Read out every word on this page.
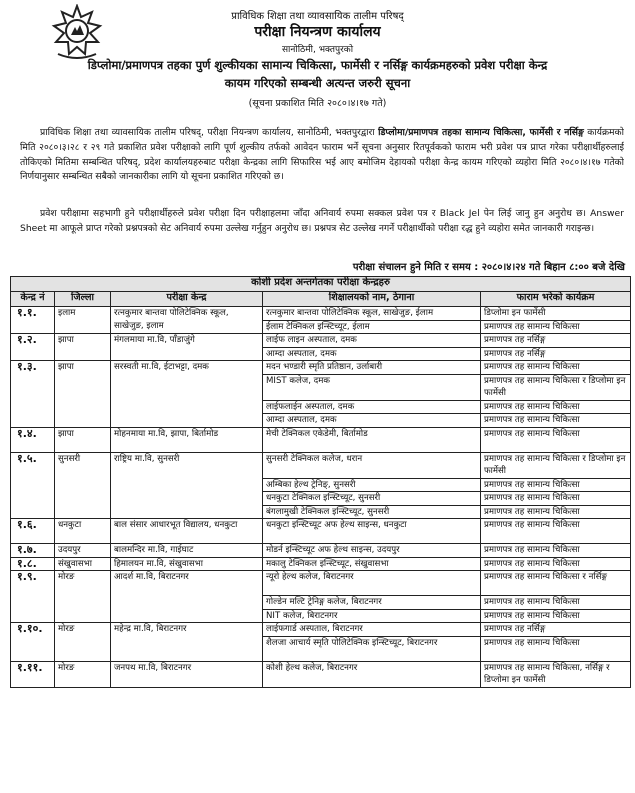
प्राविधिक शिक्षा तथा व्यावसायिक तालीम परिषद्
परीक्षा नियन्त्रण कार्यालय
सानोठिमी, भक्तपुरको
डिप्लोमा/प्रमाणपत्र तहका पुर्ण शुल्कीयका सामान्य चिकित्सा, फार्मेसी र नर्सिङ्ग कार्यक्रमहरुको प्रवेश परीक्षा केन्द्र
कायम गरिएको सम्बन्धी अत्यन्त जरुरी सूचना
(सूचना प्रकाशित मिति २०८०।४।१७ गते)
प्राविधिक शिक्षा तथा व्यावसायिक तालीम परिषद्, परीक्षा नियन्त्रण कार्यालय, सानोठिमी, भक्तपुरद्वारा डिप्लोमा/प्रमाणपत्र तहका सामान्य चिकित्सा, फार्मेसी र नर्सिङ्ग कार्यक्रमको मिति २०८०।३।२८ र २९ गते प्रकाशित प्रवेश परीक्षाको लागि पूर्ण शुल्कीय तर्फको आवेदन फाराम भर्ने सूचना अनुसार रितपूर्वकको फाराम भरी प्रवेश पत्र प्राप्त गरेका परीक्षार्थीहरुलाई तोकिएको मितिमा सम्बन्धित परिषद्, प्रदेश कार्यालयहरुबाट परीक्षा केन्द्रका लागि सिफारिस भई आए बमोजिम देहायको परीक्षा केन्द्र कायम गरिएको व्यहोरा मिति २०८०।४।१७ गतेको निर्णयानुसार सम्बन्धित सबैको जानकारीका लागि यो सूचना प्रकाशित गरिएको छ।
प्रवेश परीक्षामा सहभागी हुने परीक्षार्थीहरुले प्रवेश परीक्षा दिन परीक्षाहलमा जाँदा अनिवार्य रुपमा सक्कल प्रवेश पत्र र Black Jel पेन लिई जानु हुन अनुरोध छ। Answer Sheet मा आफूले प्राप्त गरेको प्रश्नपत्रको सेट अनिवार्य रुपमा उल्लेख गर्नुहुन अनुरोध छ। प्रश्नपत्र सेट उल्लेख नगर्ने परीक्षार्थीको परीक्षा रद्ध हुने व्यहोरा समेत जानकारी गराइन्छ।
परीक्षा संचालन हुने मिति र समय : २०८०।४।२४ गते बिहान ८:०० बजे देखि
कोशी प्रदेश अन्तर्गतका परीक्षा केन्द्रहरु				
केन्द्र नं	जिल्ला	परीक्षा केन्द्र	शिक्षालयको नाम, ठेगाना	फाराम भरेको कार्यक्रम
१.१.	इलाम	रत्नकुमार बान्तवा पोलिटेक्निक स्कूल, साखेजुङ, इलाम	रत्नकुमार बान्तवा पोलिटेक्निक स्कूल, साखेजुङ, ईलाम	डिप्लोमा इन फार्मेसी
			ईलाम टेक्निकल इन्स्टिच्यूट, ईलाम	प्रमाणपत्र तह सामान्य चिकित्सा
१.२.	झापा	मंगलमाया मा.वि, पाँडाजुंगे	लाईफ लाइन अस्पताल, दमक	प्रमाणपत्र तह नर्सिङ्ग
			आम्दा अस्पताल, दमक	प्रमाणपत्र तह नर्सिङ्ग
१.३.	झापा	सरस्वती मा.वि, ईटाभट्टा, दमक	मदन भण्डारी स्मृति प्रतिष्ठान, उर्लाबारी	प्रमाणपत्र तह सामान्य चिकित्सा
			MIST कलेज, दमक	प्रमाणपत्र तह सामान्य चिकित्सा र डिप्लोमा इन फार्मेसी
			लाईफलाईन अस्पताल, दमक	प्रमाणपत्र तह सामान्य चिकित्सा
			आम्दा अस्पताल, दमक	प्रमाणपत्र तह सामान्य चिकित्सा
१.४.	झापा	मोहनमाया मा.वि, झापा, बिर्तामोड	मेची टेक्निकल एकेडेमी, बिर्तामोड	प्रमाणपत्र तह सामान्य चिकित्सा
१.५.	सुनसरी	राष्ट्रिय मा.वि, सुनसरी	सुनसरी टेक्निकल कलेज, धरान	प्रमाणपत्र तह सामान्य चिकित्सा र डिप्लोमा इन फार्मेसी
			अम्बिका हेल्थ ट्रेनिङ्, सुनसरी	प्रमाणपत्र तह सामान्य चिकित्सा
			धनकुटा टेक्निकल इन्स्टिच्यूट, सुनसरी	प्रमाणपत्र तह सामान्य चिकित्सा
			बंगलामुखी टेक्निकल इन्स्टिच्यूट, सुनसरी	प्रमाणपत्र तह सामान्य चिकित्सा
१.६.	धनकुटा	बाल संसार आधारभूत विद्यालय, धनकुटा	धनकुटा इन्स्टिच्यूट अफ हेल्थ साइन्स, धनकुटा	प्रमाणपत्र तह सामान्य चिकित्सा
१.७.	उदयपुर	बालमन्दिर मा.वि, गाईघाट	मोडर्न इन्स्टिच्यूट अफ हेल्थ साइन्स, उदयपुर	प्रमाणपत्र तह सामान्य चिकित्सा
१.८.	संखुवासभा	हिमालयन मा.वि, संखुवासभा	मकालु टेक्निकल इन्स्टिच्यूट, संखुवासभा	प्रमाणपत्र तह सामान्य चिकित्सा
१.९.	मोरङ	आदर्श मा.वि, बिराटनगर	न्यूरो हेल्थ कलेज, बिराटनगर	प्रमाणपत्र तह सामान्य चिकित्सा र नर्सिङ्ग
			गोल्डेन मल्टि ट्रेनिङ्ग कलेज, बिराटनगर	प्रमाणपत्र तह सामान्य चिकित्सा
			NIT कलेज, बिराटनगर	प्रमाणपत्र तह सामान्य चिकित्सा
१.१०.	मोरङ	महेन्द्र मा.वि, बिराटनगर	लाईफगार्ड अस्पताल, बिराटनगर	प्रमाणपत्र तह नर्सिङ्ग
			शैलजा आचार्य स्मृति पोलिटेक्निक इन्स्टिच्यूट, बिराटनगर	प्रमाणपत्र तह सामान्य चिकित्सा
१.११.	मोरङ	जनपथ मा.वि, बिराटनगर	कोशी हेल्थ कलेज, बिराटनगर	प्रमाणपत्र तह सामान्य चिकित्सा, नर्सिङ्ग र डिप्लोमा इन फार्मेसी
